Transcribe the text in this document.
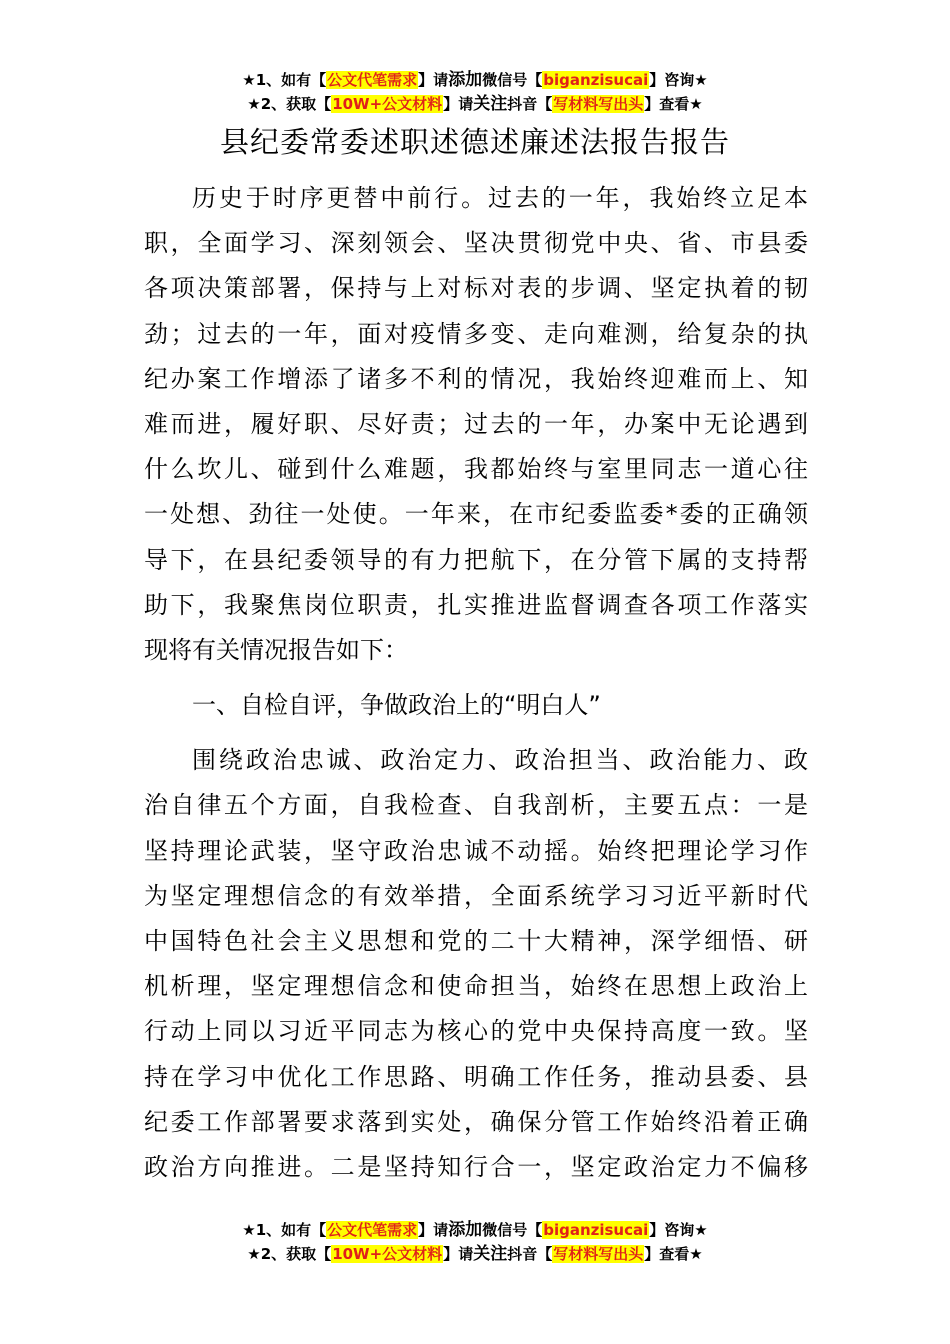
★1、如有【公文代笔需求】请添加微信号【biganzisucai】咨询★
★2、获取【10W+公文材料】请关注抖音【写材料写出头】查看★
县纪委常委述职述德述廉述法报告报告
历史于时序更替中前行。过去的一年，我始终立足本
职，全面学习、深刻领会、坚决贯彻党中央、省、市县委
各项决策部署，保持与上对标对表的步调、坚定执着的韧
劲；过去的一年，面对疫情多变、走向难测，给复杂的执
纪办案工作增添了诸多不利的情况，我始终迎难而上、知
难而进，履好职、尽好责；过去的一年，办案中无论遇到
什么坎儿、碰到什么难题，我都始终与室里同志一道心往
一处想、劲往一处使。一年来，在市纪委监委*委的正确领
导下，在县纪委领导的有力把航下，在分管下属的支持帮
助下，我聚焦岗位职责，扎实推进监督调查各项工作落实
现将有关情况报告如下：
一、自检自评，争做政治上的“明白人”
围绕政治忠诚、政治定力、政治担当、政治能力、政
治自律五个方面，自我检查、自我剖析，主要五点：一是
坚持理论武装，坚守政治忠诚不动摇。始终把理论学习作
为坚定理想信念的有效举措，全面系统学习习近平新时代
中国特色社会主义思想和党的二十大精神，深学细悟、研
机析理，坚定理想信念和使命担当，始终在思想上政治上
行动上同以习近平同志为核心的党中央保持高度一致。坚
持在学习中优化工作思路、明确工作任务，推动县委、县
纪委工作部署要求落到实处，确保分管工作始终沿着正确
政治方向推进。二是坚持知行合一，坚定政治定力不偏移
★1、如有【公文代笔需求】请添加微信号【biganzisucai】咨询★
★2、获取【10W+公文材料】请关注抖音【写材料写出头】查看★
